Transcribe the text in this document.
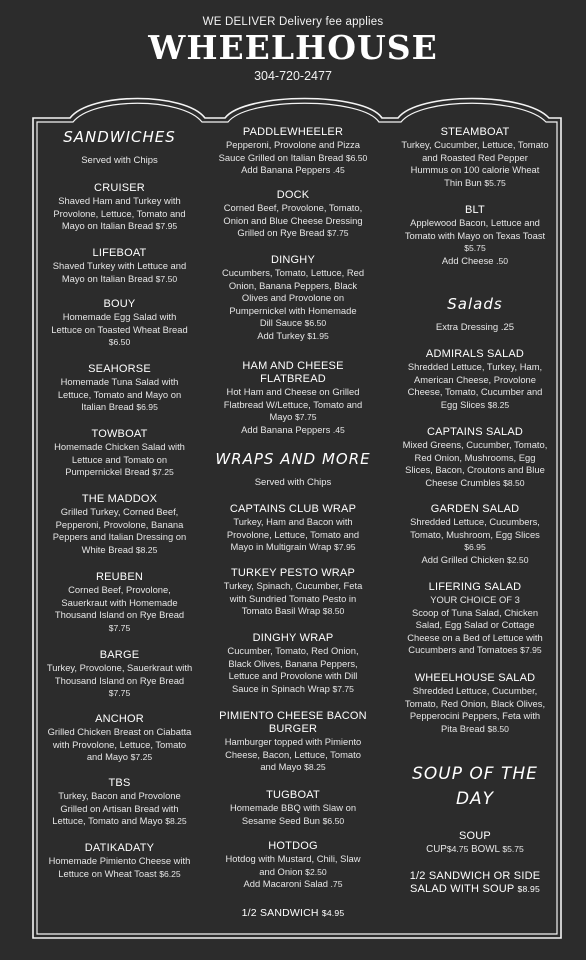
WE DELIVER Delivery fee applies
WHEELHOUSE
304-720-2477
SANDWICHES
Served with Chips
CRUISER
Shaved Ham and Turkey with
Provolone, Lettuce, Tomato and
Mayo on Italian Bread $7.95
LIFEBOAT
Shaved Turkey with Lettuce and
Mayo on Italian Bread $7.50
BOUY
Homemade Egg Salad with
Lettuce on Toasted Wheat Bread
$6.50
SEAHORSE
Homemade Tuna Salad with
Lettuce, Tomato and Mayo on
Italian Bread $6.95
TOWBOAT
Homemade Chicken Salad with
Lettuce and Tomato on
Pumpernickel Bread $7.25
THE MADDOX
Grilled Turkey, Corned Beef,
Pepperoni, Provolone, Banana
Peppers and Italian Dressing on
White Bread $8.25
REUBEN
Corned Beef, Provolone,
Sauerkraut with Homemade
Thousand Island on Rye Bread
$7.75
BARGE
Turkey, Provolone, Sauerkraut with
Thousand Island on Rye Bread
$7.75
ANCHOR
Grilled Chicken Breast on Ciabatta
with Provolone, Lettuce, Tomato
and Mayo $7.25
TBS
Turkey, Bacon and Provolone
Grilled on Artisan Bread with
Lettuce, Tomato and Mayo $8.25
DATIKADATY
Homemade Pimiento Cheese with
Lettuce on Wheat Toast $6.25
PADDLEWHEELER
Pepperoni, Provolone and Pizza
Sauce Grilled on Italian Bread $6.50
Add Banana Peppers .45
DOCK
Corned Beef, Provolone, Tomato,
Onion and Blue Cheese Dressing
Grilled on Rye Bread $7.75
DINGHY
Cucumbers, Tomato, Lettuce, Red
Onion, Banana Peppers, Black
Olives and Provolone on
Pumpernickel with Homemade
Dill Sauce $6.50
Add Turkey $1.95
HAM AND CHEESE FLATBREAD
Hot Ham and Cheese on Grilled
Flatbread W/Lettuce, Tomato and
Mayo $7.75
Add Banana Peppers .45
WRAPS AND MORE
Served with Chips
CAPTAINS CLUB WRAP
Turkey, Ham and Bacon with
Provolone, Lettuce, Tomato and
Mayo in Multigrain Wrap $7.95
TURKEY PESTO WRAP
Turkey, Spinach, Cucumber, Feta
with Sundried Tomato Pesto in
Tomato Basil Wrap $8.50
DINGHY WRAP
Cucumber, Tomato, Red Onion,
Black Olives, Banana Peppers,
Lettuce and Provolone with Dill
Sauce in Spinach Wrap $7.75
PIMIENTO CHEESE BACON
BURGER
Hamburger topped with Pimiento
Cheese, Bacon, Lettuce, Tomato
and Mayo $8.25
TUGBOAT
Homemade BBQ with Slaw on
Sesame Seed Bun $6.50
HOTDOG
Hotdog with Mustard, Chili, Slaw
and Onion $2.50
Add Macaroni Salad .75
1/2 SANDWICH $4.95
STEAMBOAT
Turkey, Cucumber, Lettuce, Tomato
and Roasted Red Pepper
Hummus on 100 calorie Wheat
Thin Bun $5.75
BLT
Applewood Bacon, Lettuce and
Tomato with Mayo on Texas Toast
$5.75
Add Cheese .50
Salads
Extra Dressing .25
ADMIRALS SALAD
Shredded Lettuce, Turkey, Ham,
American Cheese, Provolone
Cheese, Tomato, Cucumber and
Egg Slices $8.25
CAPTAINS SALAD
Mixed Greens, Cucumber, Tomato,
Red Onion, Mushrooms, Egg
Slices, Bacon, Croutons and Blue
Cheese Crumbles $8.50
GARDEN SALAD
Shredded Lettuce, Cucumbers,
Tomato, Mushroom, Egg Slices
$6.95
Add Grilled Chicken $2.50
LIFERING SALAD
YOUR CHOICE OF 3
Scoop of Tuna Salad, Chicken
Salad, Egg Salad or Cottage
Cheese on a Bed of Lettuce with
Cucumbers and Tomatoes $7.95
WHEELHOUSE SALAD
Shredded Lettuce, Cucumber,
Tomato, Red Onion, Black Olives,
Pepperocini Peppers, Feta with
Pita Bread $8.50
SOUP OF THE
DAY
SOUP
CUP$4.75 BOWL $5.75
1/2 SANDWICH OR SIDE
SALAD WITH SOUP $8.95
